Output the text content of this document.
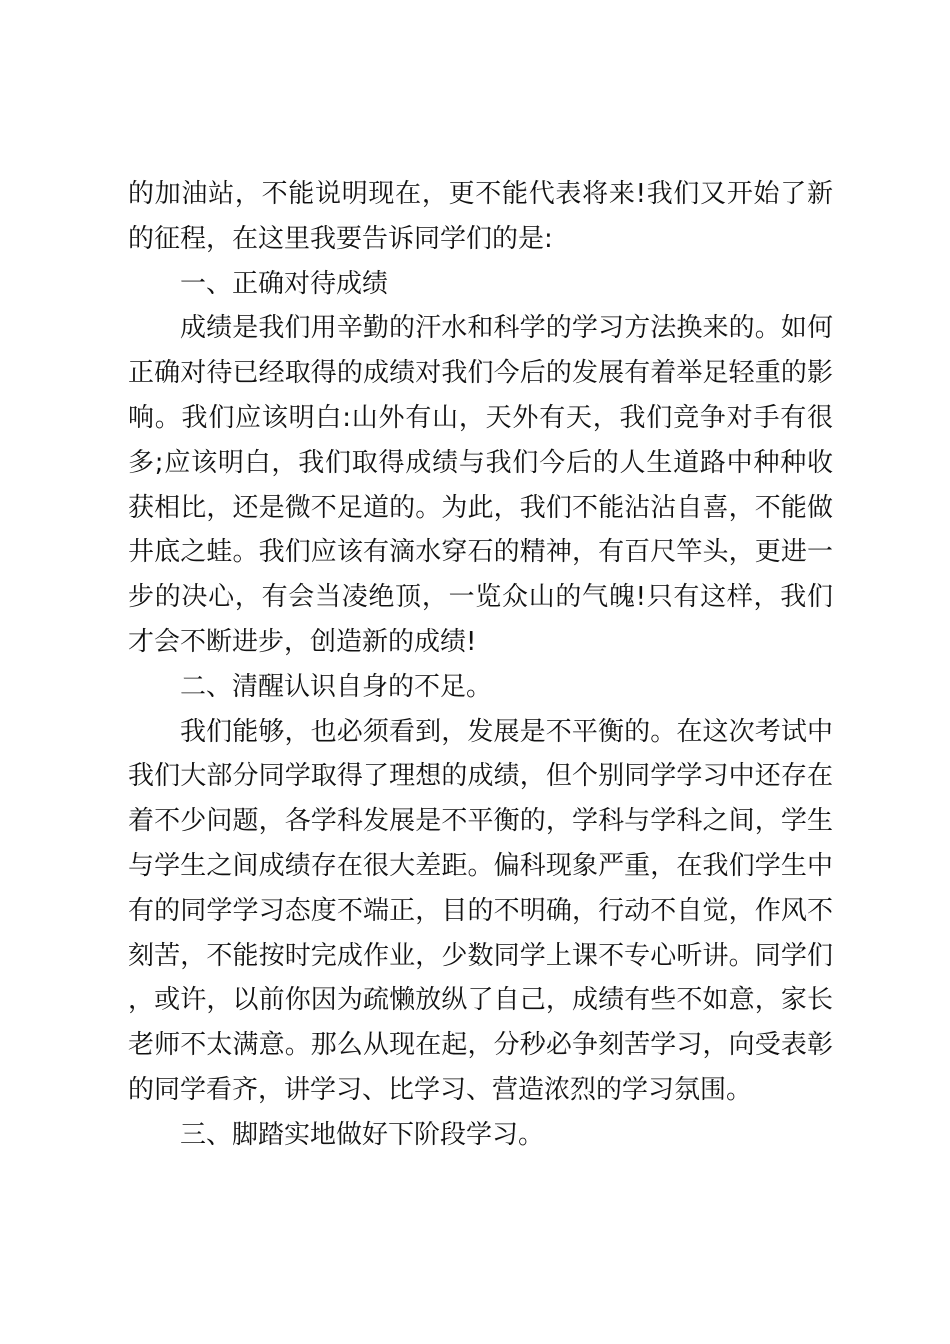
的加油站，不能说明现在，更不能代表将来!我们又开始了新的征程，在这里我要告诉同学们的是:

一、正确对待成绩

成绩是我们用辛勤的汗水和科学的学习方法换来的。如何正确对待已经取得的成绩对我们今后的发展有着举足轻重的影响。我们应该明白:山外有山，天外有天，我们竞争对手有很多;应该明白，我们取得成绩与我们今后的人生道路中种种收获相比，还是微不足道的。为此，我们不能沾沾自喜，不能做井底之蛙。我们应该有滴水穿石的精神，有百尺竿头，更进一步的决心，有会当凌绝顶，一览众山的气魄!只有这样，我们才会不断进步，创造新的成绩!

二、清醒认识自身的不足。

我们能够，也必须看到，发展是不平衡的。在这次考试中我们大部分同学取得了理想的成绩，但个别同学学习中还存在着不少问题，各学科发展是不平衡的，学科与学科之间，学生与学生之间成绩存在很大差距。偏科现象严重，在我们学生中有的同学学习态度不端正，目的不明确，行动不自觉，作风不刻苦，不能按时完成作业，少数同学上课不专心听讲。同学们，或许，以前你因为疏懒放纵了自己，成绩有些不如意，家长老师不太满意。那么从现在起，分秒必争刻苦学习，向受表彰的同学看齐，讲学习、比学习、营造浓烈的学习氛围。

三、脚踏实地做好下阶段学习。
